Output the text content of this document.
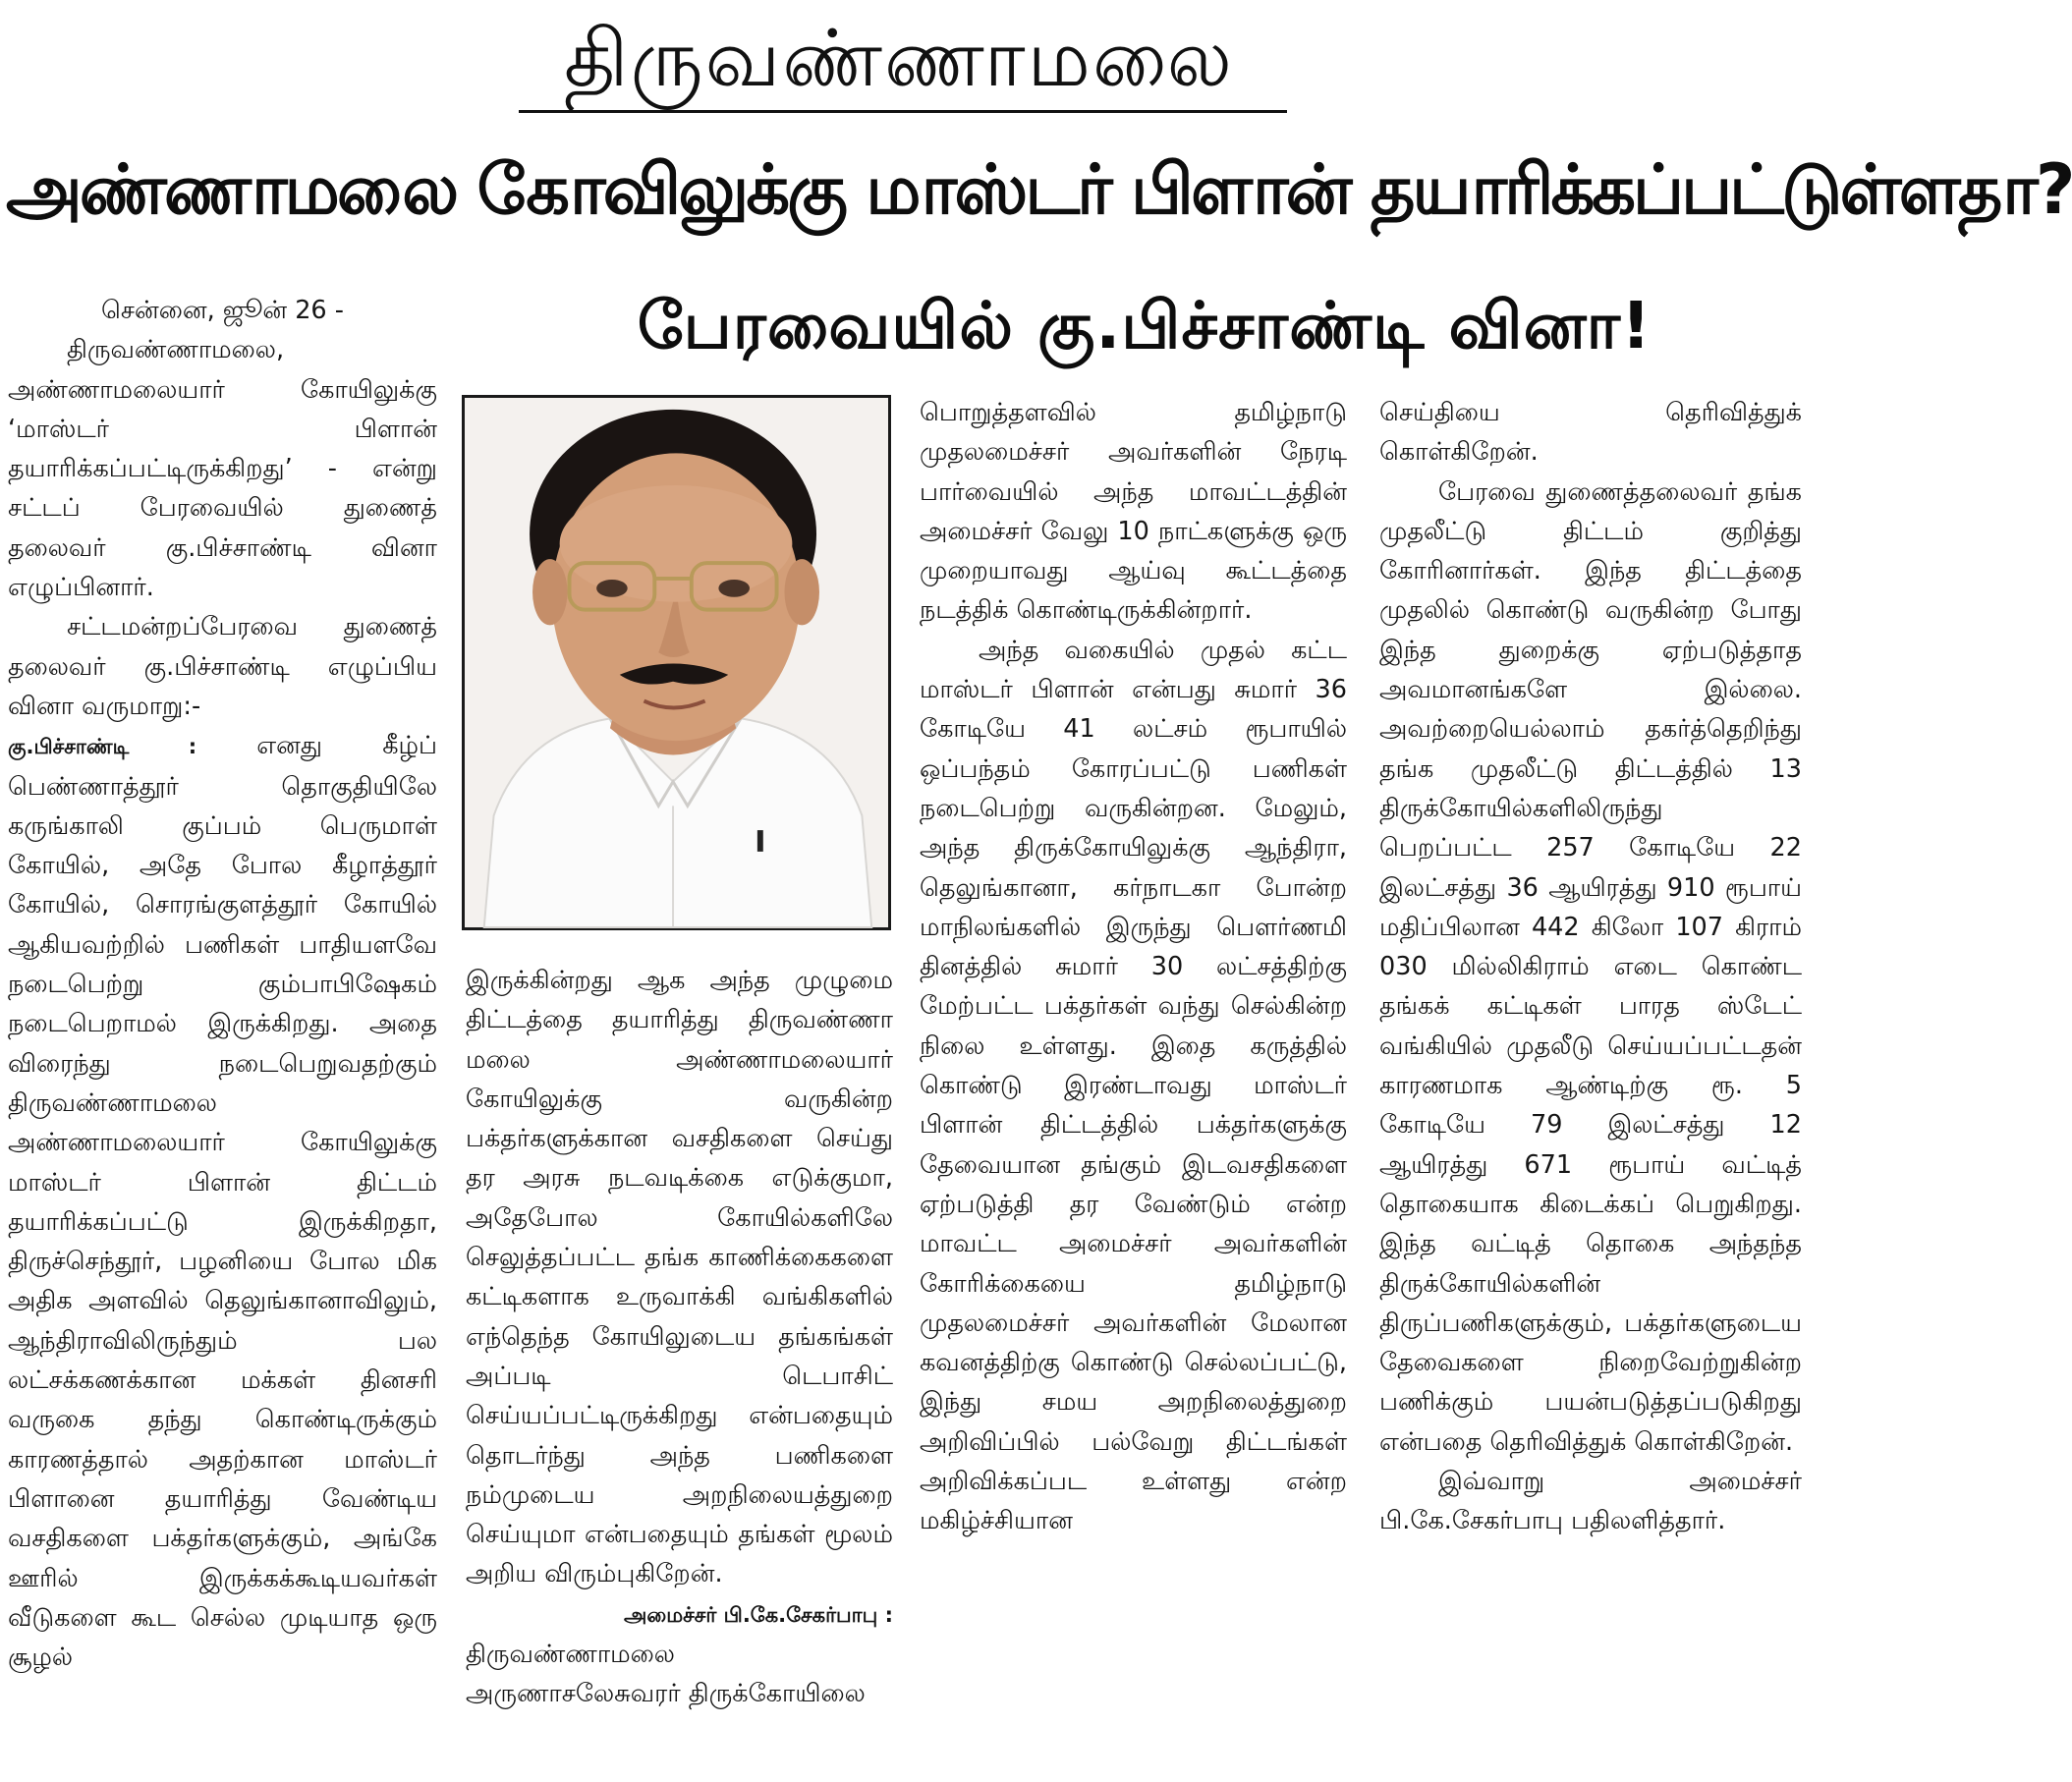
திருவண்ணாமலை
அண்ணாமலை கோவிலுக்கு மாஸ்டர் பிளான் தயாரிக்கப்பட்டுள்ளதா?
பேரவையில் கு.பிச்சாண்டி வினா!

சென்னை, ஜூன் 26 -

திருவண்ணாமலை, அண்ணாமலையார் கோயிலுக்கு ‘மாஸ்டர் பிளான் தயாரிக்கப்பட்டிருக்கிறது’ - என்று சட்டப் பேரவையில் துணைத் தலைவர் கு.பிச்சாண்டி வினா எழுப்பினார்.

சட்டமன்றப்பேரவை துணைத் தலைவர் கு.பிச்சாண்டி எழுப்பிய வினா வருமாறு:-

கு.பிச்சாண்டி : எனது கீழ்ப் பெண்ணாத்தூர் தொகுதியிலே கருங்காலி குப்பம் பெருமாள் கோயில், அதே போல கீழாத்தூர் கோயில், சொரங்குளத்தூர் கோயில் ஆகியவற்றில் பணிகள் பாதியளவே நடைபெற்று கும்பாபிஷேகம் நடைபெறாமல் இருக்கிறது. அதை விரைந்து நடைபெறுவதற்கும் திருவண்ணாமலை அண்ணாமலையார் கோயிலுக்கு மாஸ்டர் பிளான் திட்டம் தயாரிக்கப்பட்டு இருக்கிறதா, திருச்செந்தூர், பழனியை போல மிக அதிக அளவில் தெலுங்கானாவிலும், ஆந்திராவிலிருந்தும் பல லட்சக்கணக்கான மக்கள் தினசரி வருகை தந்து கொண்டிருக்கும் காரணத்தால் அதற்கான மாஸ்டர் பிளானை தயாரித்து வேண்டிய வசதிகளை பக்தர்களுக்கும், அங்கே ஊரில் இருக்கக்கூடியவர்கள் வீடுகளை கூட செல்ல முடியாத ஒரு சூழல்

இருக்கின்றது ஆக அந்த முழுமை திட்டத்தை தயாரித்து திருவண்ணா மலை அண்ணாமலையார் கோயிலுக்கு வருகின்ற பக்தர்களுக்கான வசதிகளை செய்து தர அரசு நடவடிக்கை எடுக்குமா, அதேபோல கோயில்களிலே செலுத்தப்பட்ட தங்க காணிக்கைகளை கட்டிகளாக உருவாக்கி வங்கிகளில் எந்தெந்த கோயிலுடைய தங்கங்கள் அப்படி டெபாசிட் செய்யப்பட்டிருக்கிறது என்பதையும் தொடர்ந்து அந்த பணிகளை நம்முடைய அறநிலையத்துறை செய்யுமா என்பதையும் தங்கள் மூலம் அறிய விரும்புகிறேன்.

அமைச்சர் பி.கே.சேகர்பாபு :

திருவண்ணாமலை அருணாசலேசுவரர் திருக்கோயிலை

பொறுத்தளவில் தமிழ்நாடு முதலமைச்சர் அவர்களின் நேரடி பார்வையில் அந்த மாவட்டத்தின் அமைச்சர் வேலு 10 நாட்களுக்கு ஒரு முறையாவது ஆய்வு கூட்டத்தை நடத்திக் கொண்டிருக்கின்றார்.

அந்த வகையில் முதல் கட்ட மாஸ்டர் பிளான் என்பது சுமார் 36 கோடியே 41 லட்சம் ரூபாயில் ஒப்பந்தம் கோரப்பட்டு பணிகள் நடைபெற்று வருகின்றன. மேலும், அந்த திருக்கோயிலுக்கு ஆந்திரா, தெலுங்கானா, கர்நாடகா போன்ற மாநிலங்களில் இருந்து பௌர்ணமி தினத்தில் சுமார் 30 லட்சத்திற்கு மேற்பட்ட பக்தர்கள் வந்து செல்கின்ற நிலை உள்ளது. இதை கருத்தில் கொண்டு இரண்டாவது மாஸ்டர் பிளான் திட்டத்தில் பக்தர்களுக்கு தேவையான தங்கும் இடவசதிகளை ஏற்படுத்தி தர வேண்டும் என்ற மாவட்ட அமைச்சர் அவர்களின் கோரிக்கையை தமிழ்நாடு முதலமைச்சர் அவர்களின் மேலான கவனத்திற்கு கொண்டு செல்லப்பட்டு, இந்து சமய அறநிலைத்துறை அறிவிப்பில் பல்வேறு திட்டங்கள் அறிவிக்கப்பட உள்ளது என்ற மகிழ்ச்சியான

செய்தியை தெரிவித்துக் கொள்கிறேன்.

பேரவை துணைத்தலைவர் தங்க முதலீட்டு திட்டம் குறித்து கோரினார்கள். இந்த திட்டத்தை முதலில் கொண்டு வருகின்ற போது இந்த துறைக்கு ஏற்படுத்தாத அவமானங்களே இல்லை. அவற்றையெல்லாம் தகர்த்தெறிந்து தங்க முதலீட்டு திட்டத்தில் 13 திருக்கோயில்களிலிருந்து பெறப்பட்ட 257 கோடியே 22 இலட்சத்து 36 ஆயிரத்து 910 ரூபாய் மதிப்பிலான 442 கிலோ 107 கிராம் 030 மில்லிகிராம் எடை கொண்ட தங்கக் கட்டிகள் பாரத ஸ்டேட் வங்கியில் முதலீடு செய்யப்பட்டதன் காரணமாக ஆண்டிற்கு ரூ. 5 கோடியே 79 இலட்சத்து 12 ஆயிரத்து 671 ரூபாய் வட்டித் தொகையாக கிடைக்கப் பெறுகிறது. இந்த வட்டித் தொகை அந்தந்த திருக்கோயில்களின் திருப்பணிகளுக்கும், பக்தர்களுடைய தேவைகளை நிறைவேற்றுகின்ற பணிக்கும் பயன்படுத்தப்படுகிறது என்பதை தெரிவித்துக் கொள்கிறேன்.

இவ்வாறு அமைச்சர் பி.கே.சேகர்பாபு பதிலளித்தார்.
